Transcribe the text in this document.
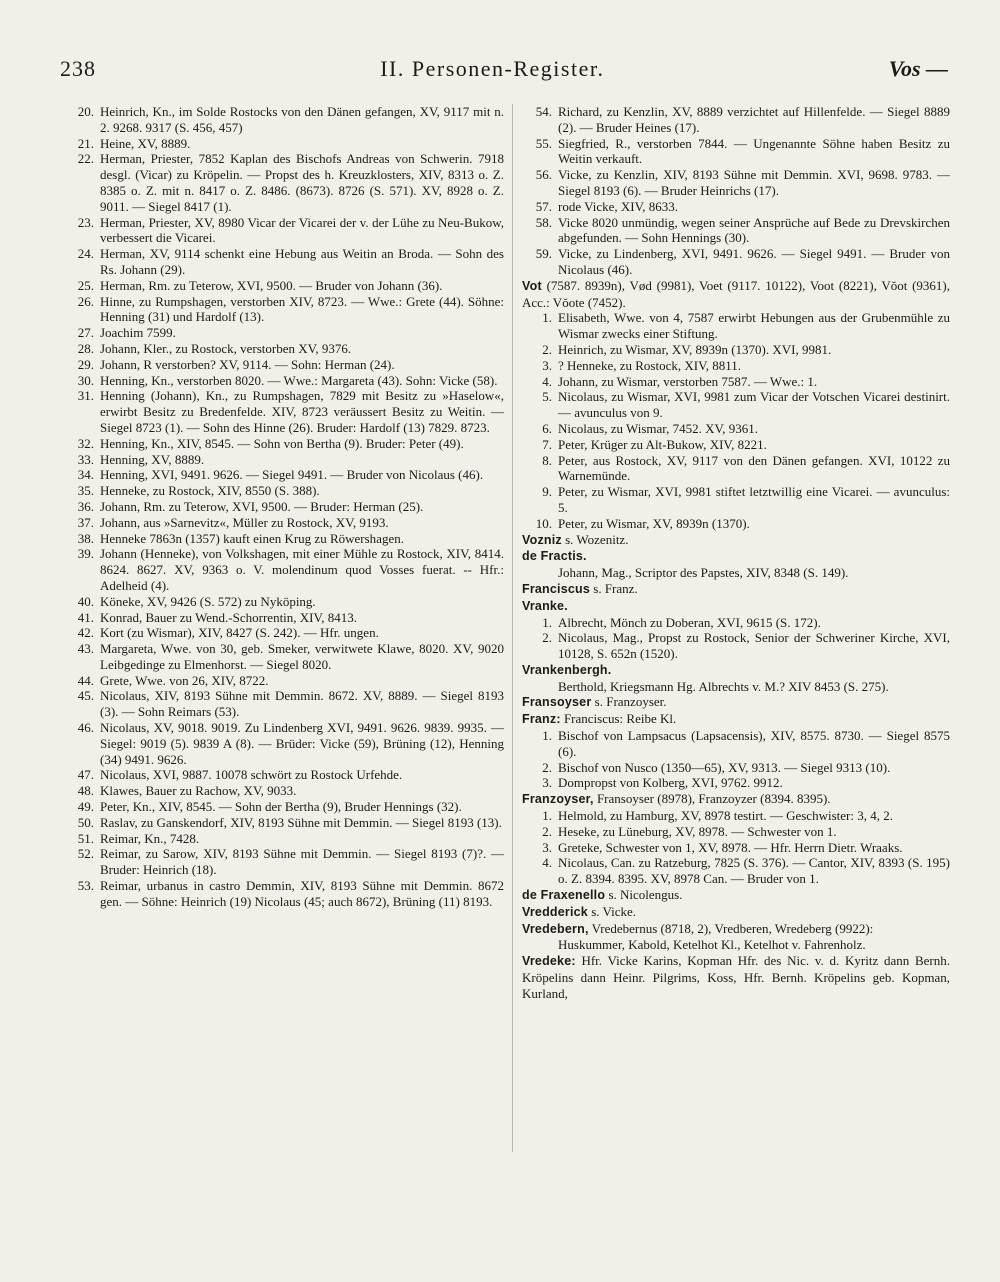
238	II. Personen-Register.	Vos —
20. Heinrich, Kn., im Solde Rostocks von den Dänen gefangen, XV, 9117 mit n. 2. 9268. 9317 (S. 456, 457)
21. Heine, XV, 8889.
22. Herman, Priester, 7852 Kaplan des Bischofs Andreas von Schwerin. 7918 desgl. (Vicar) zu Kröpelin. — Propst des h. Kreuzklosters, XIV, 8313 o. Z. 8385 o. Z. mit n. 8417 o. Z. 8486. (8673). 8726 (S. 571). XV, 8928 o. Z. 9011. — Siegel 8417 (1).
23. Herman, Priester, XV, 8980 Vicar der Vicarei der v. der Lühe zu Neu-Bukow, verbessert die Vicarei.
24. Herman, XV, 9114 schenkt eine Hebung aus Weitin an Broda. — Sohn des Rs. Johann (29).
25. Herman, Rm. zu Teterow, XVI, 9500. — Bruder von Johann (36).
26. Hinne, zu Rumpshagen, verstorben XIV, 8723. — Wwe.: Grete (44). Söhne: Henning (31) und Hardolf (13).
27. Joachim 7599.
28. Johann, Kler., zu Rostock, verstorben XV, 9376.
29. Johann, R verstorben? XV, 9114. — Sohn: Herman (24).
30. Henning, Kn., verstorben 8020. — Wwe.: Margareta (43). Sohn: Vicke (58).
31. Henning (Johann), Kn., zu Rumpshagen, 7829 mit Besitz zu »Haselow«, erwirbt Besitz zu Bredenfelde. XIV, 8723 veräussert Besitz zu Weitin. — Siegel 8723 (1). — Sohn des Hinne (26). Bruder: Hardolf (13) 7829. 8723.
32. Henning, Kn., XIV, 8545. — Sohn von Bertha (9). Bruder: Peter (49).
33. Henning, XV, 8889.
34. Henning, XVI, 9491. 9626. — Siegel 9491. — Bruder von Nicolaus (46).
35. Henneke, zu Rostock, XIV, 8550 (S. 388).
36. Johann, Rm. zu Teterow, XVI, 9500. — Bruder: Herman (25).
37. Johann, aus »Sarnevitz«, Müller zu Rostock, XV, 9193.
38. Henneke 7863n (1357) kauft einen Krug zu Röwershagen.
39. Johann (Henneke), von Volkshagen, mit einer Mühle zu Rostock, XIV, 8414. 8624. 8627. XV, 9363 o. V. molendinum quod Vosses fuerat. -- Hfr.: Adelheid (4).
40. Köneke, XV, 9426 (S. 572) zu Nyköping.
41. Konrad, Bauer zu Wend.-Schorrentin, XIV, 8413.
42. Kort (zu Wismar), XIV, 8427 (S. 242). — Hfr. ungen.
43. Margareta, Wwe. von 30, geb. Smeker, verwitwete Klawe, 8020. XV, 9020 Leibgedinge zu Elmenhorst. — Siegel 8020.
44. Grete, Wwe. von 26, XIV, 8722.
45. Nicolaus, XIV, 8193 Sühne mit Demmin. 8672. XV, 8889. — Siegel 8193 (3). — Sohn Reimars (53).
46. Nicolaus, XV, 9018. 9019. Zu Lindenberg XVI, 9491. 9626. 9839. 9935. — Siegel: 9019 (5). 9839 A (8). — Brüder: Vicke (59), Brüning (12), Henning (34) 9491. 9626.
47. Nicolaus, XVI, 9887. 10078 schwört zu Rostock Urfehde.
48. Klawes, Bauer zu Rachow, XV, 9033.
49. Peter, Kn., XIV, 8545. — Sohn der Bertha (9), Bruder Hennings (32).
50. Raslav, zu Ganskendorf, XIV, 8193 Sühne mit Demmin. — Siegel 8193 (13).
51. Reimar, Kn., 7428.
52. Reimar, zu Sarow, XIV, 8193 Sühne mit Demmin. — Siegel 8193 (7)?. — Bruder: Heinrich (18).
53. Reimar, urbanus in castro Demmin, XIV, 8193 Sühne mit Demmin. 8672 gen. — Söhne: Heinrich (19) Nicolaus (45; auch 8672), Brüning (11) 8193.
54. Richard, zu Kenzlin, XV, 8889 verzichtet auf Hillenfelde. — Siegel 8889 (2). — Bruder Heines (17).
55. Siegfried, R., verstorben 7844. — Ungenannte Söhne haben Besitz zu Weitin verkauft.
56. Vicke, zu Kenzlin, XIV, 8193 Sühne mit Demmin. XVI, 9698. 9783. — Siegel 8193 (6). — Bruder Heinrichs (17).
57. rode Vicke, XIV, 8633.
58. Vicke 8020 unmündig, wegen seiner Ansprüche auf Bede zu Drevskirchen abgefunden. — Sohn Hennings (30).
59. Vicke, zu Lindenberg, XVI, 9491. 9626. — Siegel 9491. — Bruder von Nicolaus (46).
Vot (7587. 8939n), Vød (9981), Voet (9117. 10122), Voot (8221), Vŏot (9361), Acc.: Vŏote (7452).
1. Elisabeth, Wwe. von 4, 7587 erwirbt Hebungen aus der Grubenmühle zu Wismar zwecks einer Stiftung.
2. Heinrich, zu Wismar, XV, 8939n (1370). XVI, 9981.
3. ? Henneke, zu Rostock, XIV, 8811.
4. Johann, zu Wismar, verstorben 7587. — Wwe.: 1.
5. Nicolaus, zu Wismar, XVI, 9981 zum Vicar der Votschen Vicarei destinirt. — avunculus von 9.
6. Nicolaus, zu Wismar, 7452. XV, 9361.
7. Peter, Krüger zu Alt-Bukow, XIV, 8221.
8. Peter, aus Rostock, XV, 9117 von den Dänen gefangen. XVI, 10122 zu Warnemünde.
9. Peter, zu Wismar, XVI, 9981 stiftet letztwillig eine Vicarei. — avunculus: 5.
10. Peter, zu Wismar, XV, 8939n (1370).
Vozniz s. Wozenitz.
de Fractis.
Johann, Mag., Scriptor des Papstes, XIV, 8348 (S. 149).
Franciscus s. Franz.
Vranke.
1. Albrecht, Mönch zu Doberan, XVI, 9615 (S. 172).
2. Nicolaus, Mag., Propst zu Rostock, Senior der Schweriner Kirche, XVI, 10128, S. 652n (1520).
Vrankenbergh.
Berthold, Kriegsmann Hg. Albrechts v. M.? XIV 8453 (S. 275).
Fransoyser s. Franzoyser.
Franz: Franciscus: Reibe Kl.
1. Bischof von Lampsacus (Lapsacensis), XIV, 8575. 8730. — Siegel 8575 (6).
2. Bischof von Nusco (1350—65), XV, 9313. — Siegel 9313 (10).
3. Dompropst von Kolberg, XVI, 9762. 9912.
Franzoyser, Fransoyser (8978), Franzoyzer (8394. 8395).
1. Helmold, zu Hamburg, XV, 8978 testirt. — Geschwister: 3, 4, 2.
2. Heseke, zu Lüneburg, XV, 8978. — Schwester von 1.
3. Greteke, Schwester von 1, XV, 8978. — Hfr. Herrn Dietr. Wraaks.
4. Nicolaus, Can. zu Ratzeburg, 7825 (S. 376). — Cantor, XIV, 8393 (S. 195) o. Z. 8394. 8395. XV, 8978 Can. — Bruder von 1.
de Fraxenello s. Nicolengus.
Vredderick s. Vicke.
Vredebern, Vredebernus (8718, 2), Vredberen, Wredeberg (9922):
Huskummer, Kabold, Ketelhot Kl., Ketelhot v. Fahrenholz.
Vredeke: Hfr. Vicke Karins, Kopman Hfr. des Nic. v. d. Kyritz dann Bernh. Kröpelins dann Heinr. Pilgrims, Koss, Hfr. Bernh. Kröpelins geb. Kopman, Kurland,
